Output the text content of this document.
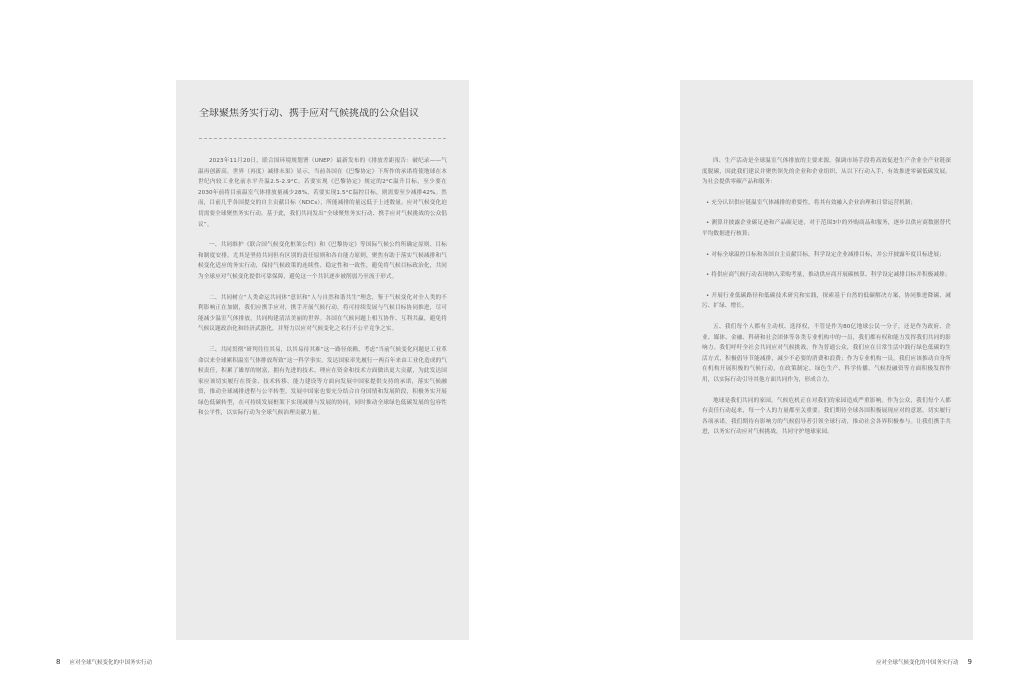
全球聚焦务实行动、携手应对气候挑战的公众倡议

2023年11月20日，联合国环境规划署（UNEP）最新发布的《排放差距报告：破纪录——气温再创新高，世界（再度）减排未果》显示，当前各国在《巴黎协定》下所作的承诺将使地球在本世纪内较工业化前水平升温2.5-2.9°C。若要实现《巴黎协定》规定的2°C温升目标，至少要在2030年前将目前温室气体排放量减少28%，若要实现1.5°C温控目标，则需要至少减排42%。然而，目前几乎各国提交的自主贡献目标（NDCs），所能减排的量远低于上述数量。应对气候变化迫切需要全球聚焦务实行动。基于此，我们共同发出“全球聚焦务实行动、携手应对气候挑战的公众倡议”。

一、共同维护《联合国气候变化框架公约》和《巴黎协定》等国际气候公约所确定原则、目标和制度安排，尤其是坚持共同但有区别的责任原则和各自能力原则，聚焦有助于落实气候减排和气候变化适应的务实行动，保持气候政策的连续性、稳定性和一致性，避免将气候目标政治化，共同为全球应对气候变化提供可靠保障，避免这一个共识逐步被削弱乃至流于形式。

二、共同树立“人类命运共同体”意识和“人与自然和谐共生”理念，鉴于气候变化对全人类的不利影响正在加剧，我们应携手应对，携手开展气候行动，将可持续发展与气候目标协同推进，尽可能减少温室气体排放，共同构建清洁美丽的世界。各国在气候问题上相互协作、互利共赢，避免将气候议题政治化和经济武器化，并努力以应对气候变化之名行不公平竞争之实。

三、共同贯彻“研判往往其易，以其易待其难”这一路径依赖，考虑“当前气候变化问题是工业革命以来全球累积温室气体排放所致”这一科学事实，发达国家率先履行一两百年来由工业化造成的气候责任，积累了雄厚的财富，拥有先进的技术。理应在资金和技术方面做出更大贡献，为此发达国家应该切实履行在资金、技术转移、能力建设等方面向发展中国家提供支持的承诺，落实气候融资，推动全球减排进程与公平转型。发展中国家也要充分结合自身国情和发展阶段，积极务实开展绿色低碳转型，在可持续发展框架下实现减排与发展的协同，同时推动全球绿色低碳发展的包容性和公平性，以实际行动为全球气候治理贡献力量。

四、生产活动是全球温室气体排放的主要来源，强调市场手段将高效促进生产企业全产业链深度脱碳，因此我们建议并聚焦领先的企业和企业组织，从以下行动入手，有效推进零碳低碳发展。为社会提供零碳产品和服务：

• 充分认识供应链温室气体减排的重要性，将其有效融入企业治理和日常运营机制；

• 测算并披露企业碳足迹和产品碳足迹，对于范围3中的外购商品和服务，逐步以供应商数据替代平均数据进行核算；

• 对标全球温控目标和各国自主贡献目标，科学设定企业减排目标，并公开披露年度目标进展；

• 将供应商气候行动表现纳入采购考量，推动供应商开展碳核算、科学设定减排目标并积极减排；

• 开展行业低碳路径和低碳技术研究和实践，探索基于自然的低碳解决方案，协同推进降碳、减污、扩绿、增长。

五、我们每个人都有主动权、选择权，不管是作为80亿地球公民一分子，还是作为政府、企业、媒体、金融、科研和社会团体等各类专业机构中的一员，我们都有权和能力发挥我们共同的影响力。我们呼吁全社会共同应对气候挑战，作为普通公众，我们应在日常生活中践行绿色低碳的生活方式，积极倡导节能减排，减少不必要的消费和浪费；作为专业机构一员，我们应该推动自身所在机构开展积极的气候行动，在政策制定、绿色生产、科学传播、气候投融资等方面积极发挥作用，以实际行动引导其他方面共同作为，形成合力。

地球是我们共同的家园，气候危机正在对我们的家园造成严重影响。作为公众，我们每个人都有责任行动起来，每一个人的力量都至关重要。我们期待全球各国积极展现应对的意愿，切实履行各项承诺，我们期待有影响力的气候倡导者引领全球行动，推动社会各界积极参与。让我们携手共进，以务实行动应对气候挑战，共同守护地球家园。

8 应对全球气候变化的中国务实行动	应对全球气候变化的中国务实行动 9
